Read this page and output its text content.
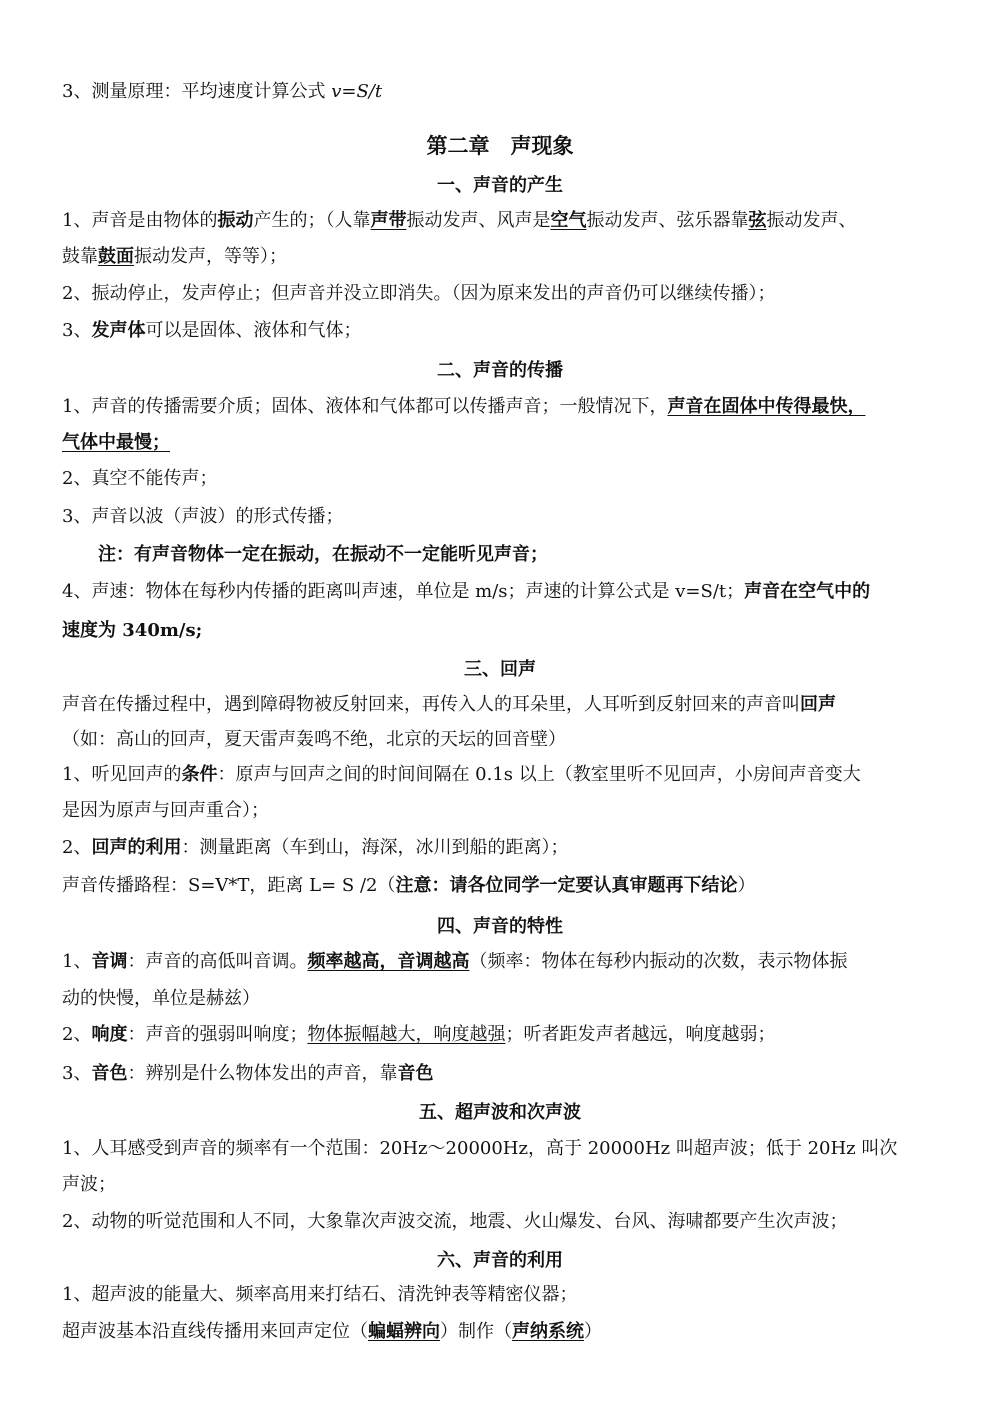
3、测量原理：平均速度计算公式 v=S/t
第二章　声现象
一、声音的产生
1、声音是由物体的振动产生的；（人靠声带振动发声、风声是空气振动发声、弦乐器靠弦振动发声、
鼓靠鼓面振动发声，等等）；
2、振动停止，发声停止；但声音并没立即消失。（因为原来发出的声音仍可以继续传播）；
3、发声体可以是固体、液体和气体；
二、声音的传播
1、声音的传播需要介质；固体、液体和气体都可以传播声音；一般情况下，声音在固体中传得最快，
气体中最慢；
2、真空不能传声；
3、声音以波（声波）的形式传播；
注：有声音物体一定在振动，在振动不一定能听见声音；
4、声速：物体在每秒内传播的距离叫声速，单位是 m/s；声速的计算公式是 v=S/t；声音在空气中的
速度为 340m/s;
三、回声
声音在传播过程中，遇到障碍物被反射回来，再传入人的耳朵里，人耳听到反射回来的声音叫回声
（如：高山的回声，夏天雷声轰鸣不绝，北京的天坛的回音壁）
1、听见回声的条件：原声与回声之间的时间间隔在 0.1s 以上（教室里听不见回声，小房间声音变大
是因为原声与回声重合）；
2、回声的利用：测量距离（车到山，海深，冰川到船的距离）；
声音传播路程：S=V*T，距离 L= S /2（注意：请各位同学一定要认真审题再下结论）
四、声音的特性
1、音调：声音的高低叫音调。频率越高，音调越高（频率：物体在每秒内振动的次数，表示物体振
动的快慢，单位是赫兹）
2、响度：声音的强弱叫响度；物体振幅越大，响度越强；听者距发声者越远，响度越弱；
3、音色：辨别是什么物体发出的声音，靠音色
五、超声波和次声波
1、人耳感受到声音的频率有一个范围：20Hz～20000Hz，高于 20000Hz 叫超声波；低于 20Hz 叫次
声波；
2、动物的听觉范围和人不同，大象靠次声波交流，地震、火山爆发、台风、海啸都要产生次声波；
六、声音的利用
1、超声波的能量大、频率高用来打结石、清洗钟表等精密仪器；
超声波基本沿直线传播用来回声定位（蝙蝠辨向）制作（声纳系统）
